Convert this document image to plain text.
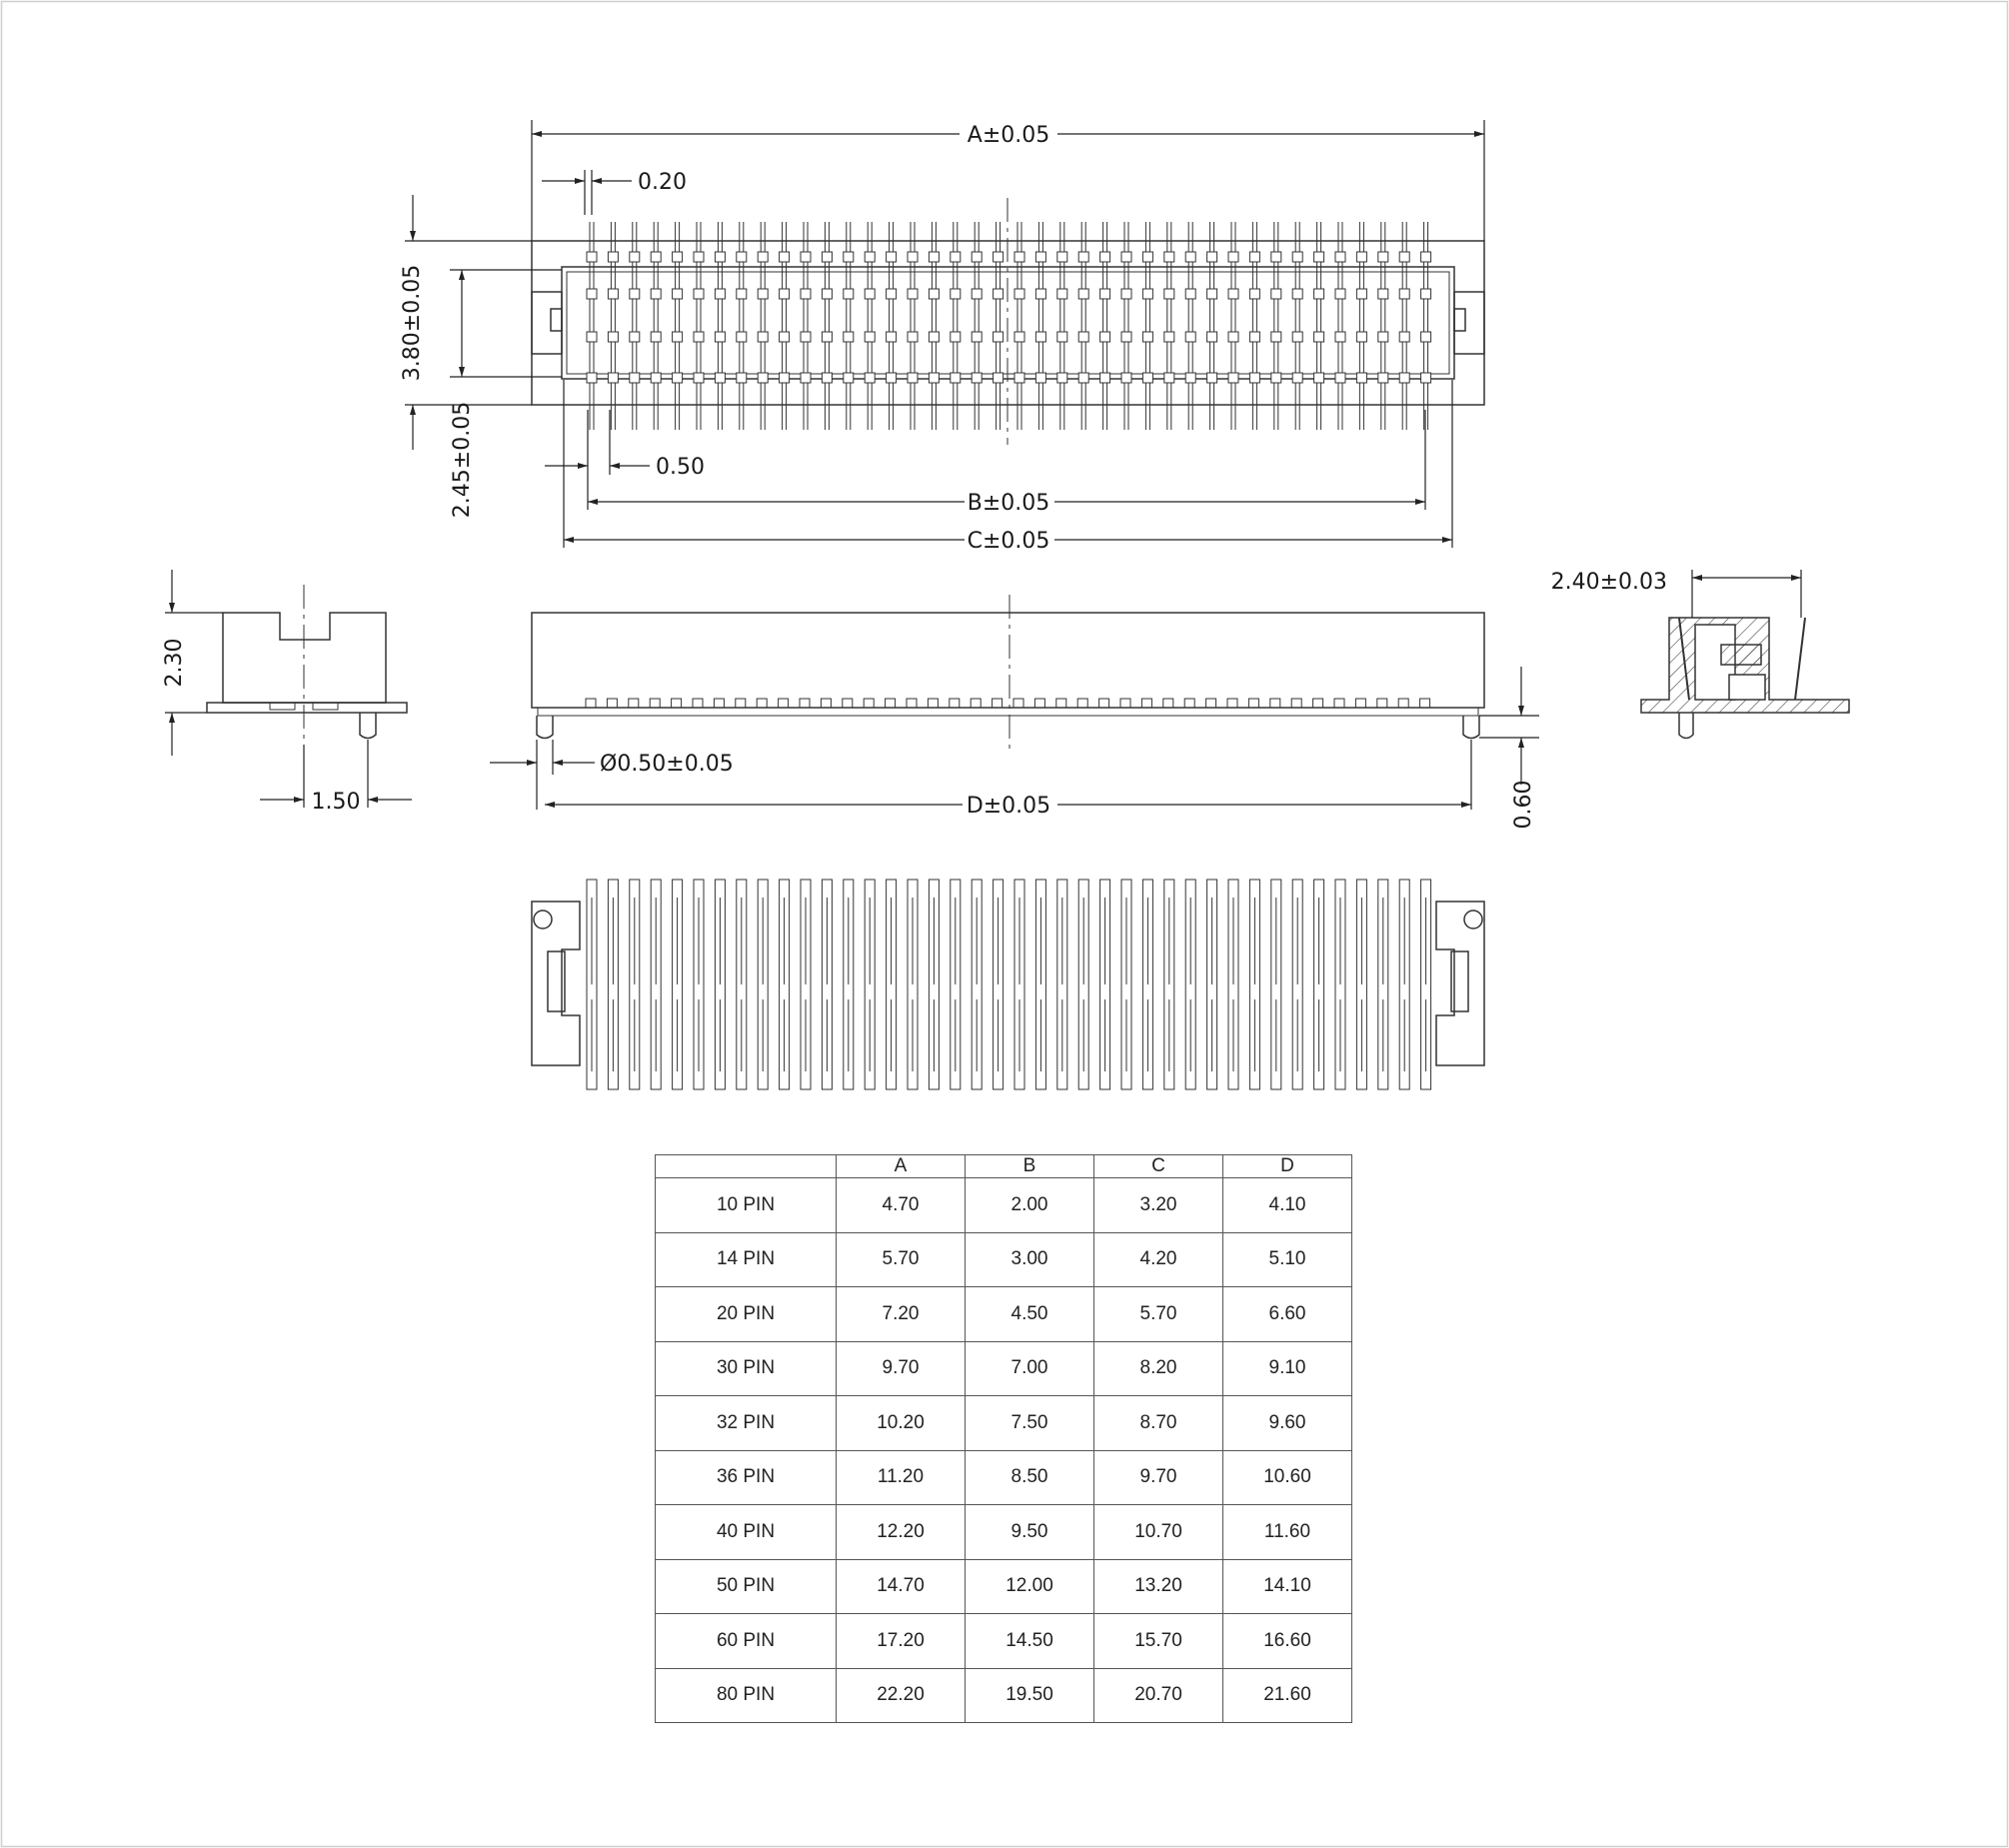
A±0.05
0.20
3.80±0.05
2.45±0.05	0.50
B±0.05
C±0.05
2.30
1.50
Ø0.50±0.05
D±0.05	0.60
2.40±0.03
	A	B	C	D
10 PIN	4.70	2.00	3.20	4.10
14 PIN	5.70	3.00	4.20	5.10
20 PIN	7.20	4.50	5.70	6.60
30 PIN	9.70	7.00	8.20	9.10
32 PIN	10.20	7.50	8.70	9.60
36 PIN	11.20	8.50	9.70	10.60
40 PIN	12.20	9.50	10.70	11.60
50 PIN	14.70	12.00	13.20	14.10
60 PIN	17.20	14.50	15.70	16.60
80 PIN	22.20	19.50	20.70	21.60
